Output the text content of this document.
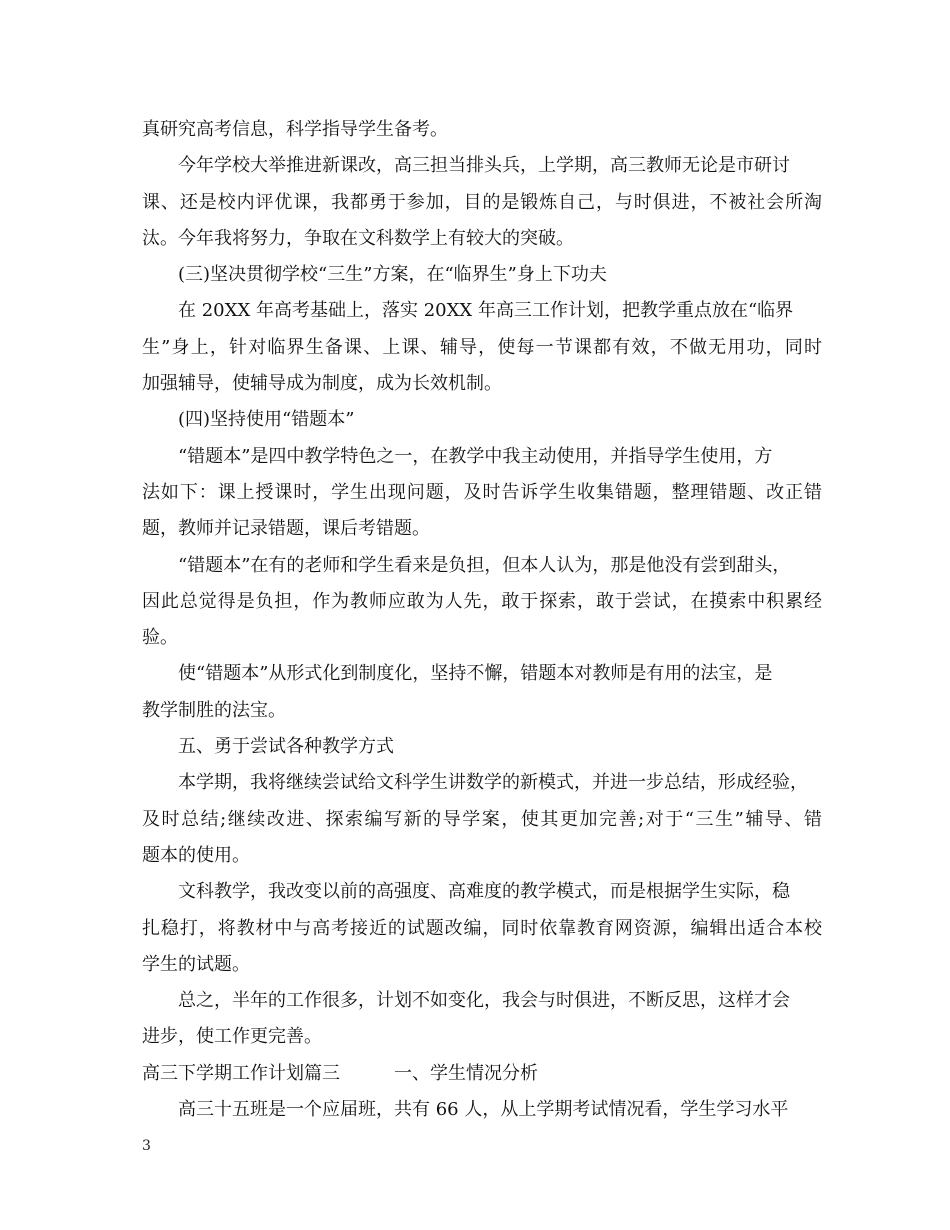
真研究高考信息，科学指导学生备考。
今年学校大举推进新课改，高三担当排头兵，上学期，高三教师无论是市研讨
课、还是校内评优课，我都勇于参加，目的是锻炼自己，与时俱进，不被社会所淘
汰。今年我将努力，争取在文科数学上有较大的突破。
(三)坚决贯彻学校“三生”方案，在“临界生”身上下功夫
在 20XX 年高考基础上，落实 20XX 年高三工作计划，把教学重点放在“临界
生”身上，针对临界生备课、上课、辅导，使每一节课都有效，不做无用功，同时
加强辅导，使辅导成为制度，成为长效机制。
(四)坚持使用“错题本”
“错题本”是四中教学特色之一，在教学中我主动使用，并指导学生使用，方
法如下：课上授课时，学生出现问题，及时告诉学生收集错题，整理错题、改正错
题，教师并记录错题，课后考错题。
“错题本”在有的老师和学生看来是负担，但本人认为，那是他没有尝到甜头，
因此总觉得是负担，作为教师应敢为人先，敢于探索，敢于尝试，在摸索中积累经
验。
使“错题本”从形式化到制度化，坚持不懈，错题本对教师是有用的法宝，是
教学制胜的法宝。
五、勇于尝试各种教学方式
本学期，我将继续尝试给文科学生讲数学的新模式，并进一步总结，形成经验，
及时总结;继续改进、探索编写新的导学案，使其更加完善;对于“三生”辅导、错
题本的使用。
文科教学，我改变以前的高强度、高难度的教学模式，而是根据学生实际，稳
扎稳打，将教材中与高考接近的试题改编，同时依靠教育网资源，编辑出适合本校
学生的试题。
总之，半年的工作很多，计划不如变化，我会与时俱进，不断反思，这样才会
进步，使工作更完善。
高三下学期工作计划篇三	一、学生情况分析
高三十五班是一个应届班，共有 66 人，从上学期考试情况看，学生学习水平
3
